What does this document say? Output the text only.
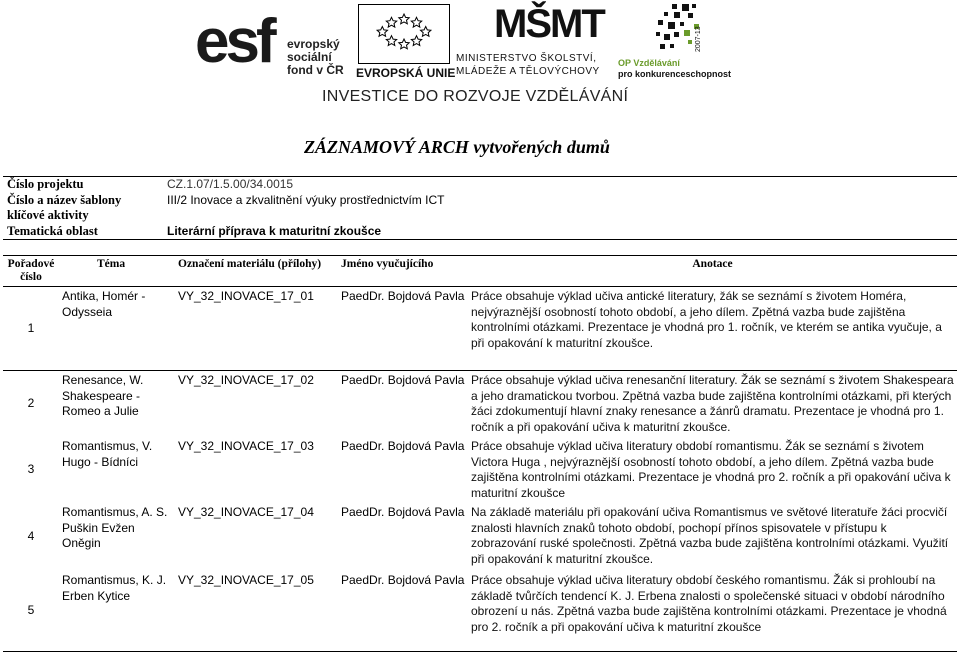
esf evropský
sociální
fond v ČR EVROPSKÁ UNIE
MŠMT
MINISTERSTVO ŠKOLSTVÍ,
MLÁDEŽE A TĚLOVÝCHOVY
2007-13
OP Vzdělávání
pro konkurenceschopnost
INVESTICE DO ROZVOJE VZDĚLÁVÁNÍ
ZÁZNAMOVÝ ARCH vytvořených dumů
Číslo projektu	CZ.1.07/1.5.00/34.0015
Číslo a název šablony	III/2 Inovace a zkvalitnění výuky prostřednictvím ICT
klíčové aktivity
Tematická oblast	Literární příprava k maturitní zkoušce
Pořadové číslo	Téma	Označení materiálu (přílohy)	Jméno vyučujícího	Anotace
1	Antika, Homér - Odysseia	VY_32_INOVACE_17_01	PaedDr. Bojdová Pavla	Práce obsahuje výklad učiva antické literatury, žák se seznámí s životem Homéra, nejvýraznější osobností tohoto období, a jeho dílem. Zpětná vazba bude zajištěna kontrolními otázkami. Prezentace je vhodná pro 1. ročník, ve kterém se antika vyučuje, a při opakování k maturitní zkoušce.
2	Renesance, W. Shakespeare - Romeo a Julie	VY_32_INOVACE_17_02	PaedDr. Bojdová Pavla	Práce obsahuje výklad učiva renesanční literatury. Žák se seznámí s životem Shakespeara a jeho dramatickou tvorbou. Zpětná vazba bude zajištěna kontrolními otázkami, při kterých žáci zdokumentují hlavní znaky renesance a žánrů dramatu. Prezentace je vhodná pro 1. ročník a při opakování učiva k maturitní zkoušce.
3	Romantismus, V. Hugo - Bídníci	VY_32_INOVACE_17_03	PaedDr. Bojdová Pavla	Práce obsahuje výklad učiva literatury období romantismu. Žák se seznámí s životem Victora Huga , nejvýraznější osobností tohoto období, a jeho dílem. Zpětná vazba bude zajištěna kontrolními otázkami. Prezentace je vhodná pro 2. ročník a při opakování učiva k maturitní zkoušce
4	Romantismus, A. S. Puškin Evžen Oněgin	VY_32_INOVACE_17_04	PaedDr. Bojdová Pavla	Na základě materiálu při opakování učiva Romantismus ve světové literatuře žáci procvičí znalosti hlavních znaků tohoto období, pochopí přínos spisovatele v přístupu k zobrazování ruské společnosti. Zpětná vazba bude zajištěna kontrolními otázkami. Využití při opakování k maturitní zkoušce.
5	Romantismus, K. J. Erben Kytice	VY_32_INOVACE_17_05	PaedDr. Bojdová Pavla	Práce obsahuje výklad učiva literatury období českého romantismu. Žák si prohloubí na základě tvůrčích tendencí K. J. Erbena znalosti o společenské situaci v období národního obrození u nás. Zpětná vazba bude zajištěna kontrolními otázkami. Prezentace je vhodná pro 2. ročník a při opakování učiva k maturitní zkoušce
